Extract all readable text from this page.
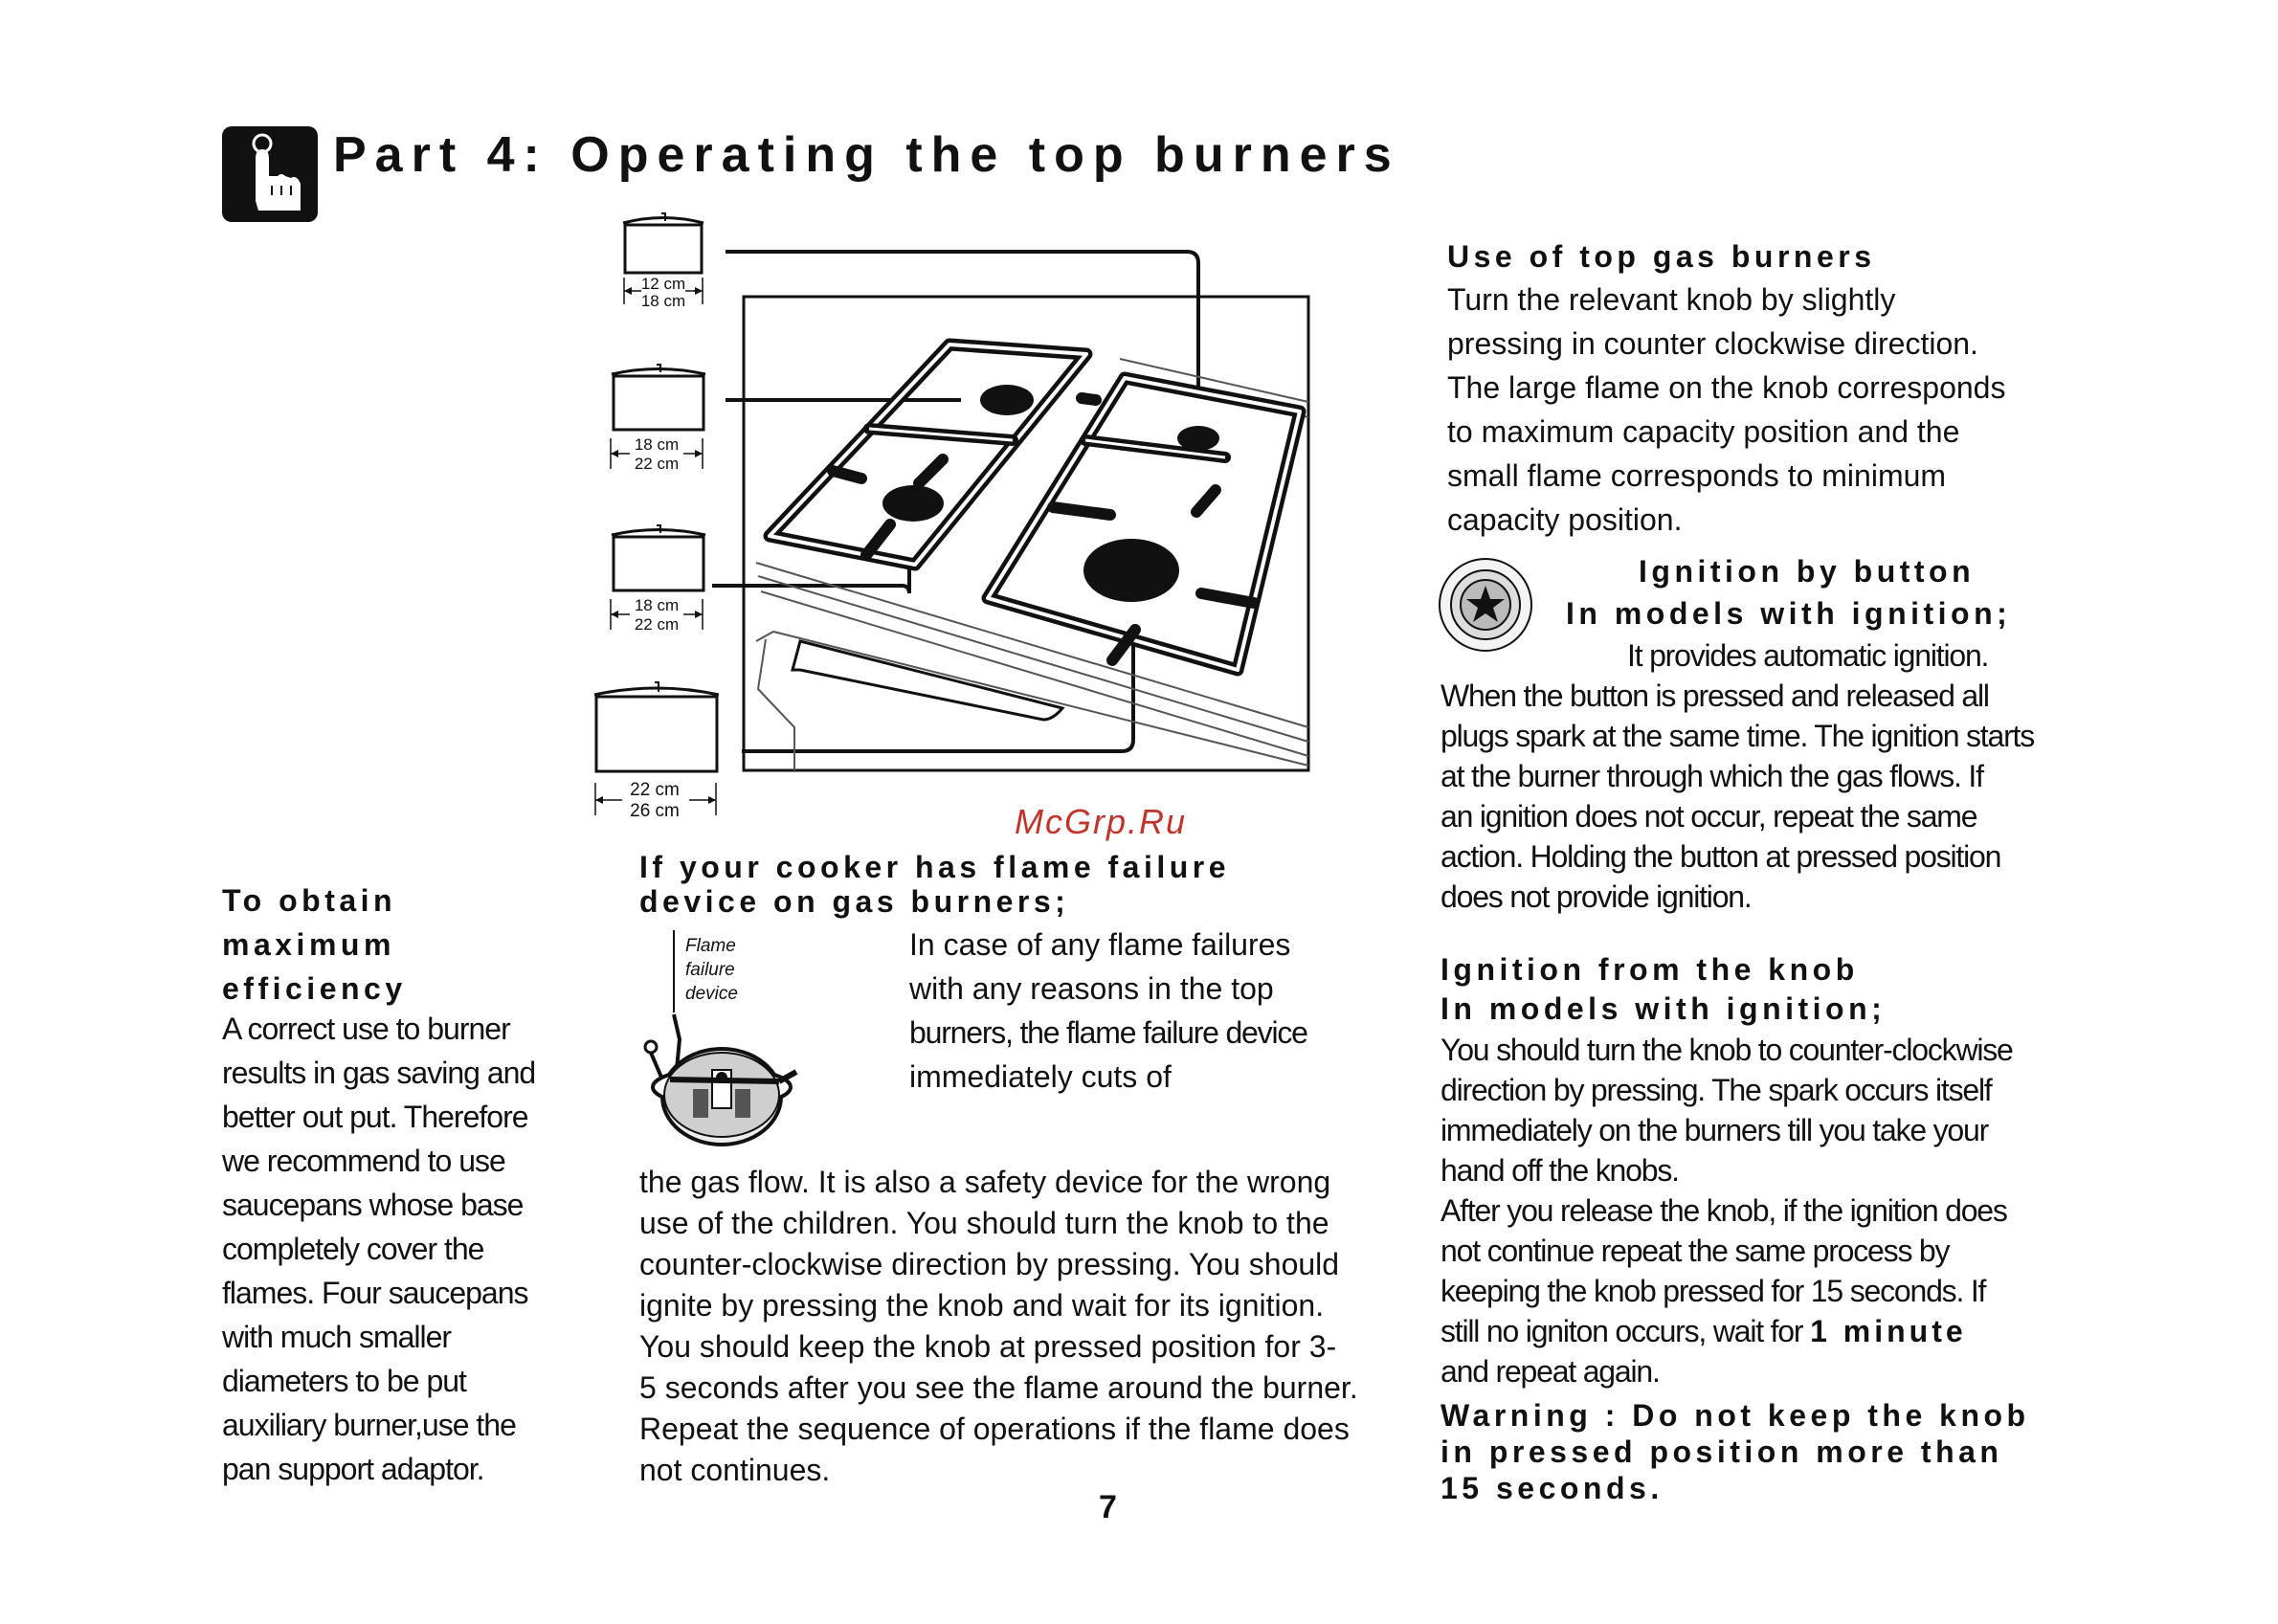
Part 4: Operating the top burners
12 cm
18 cm
18 cm
22 cm
18 cm
22 cm
22 cm
26 cm	McGrp.Ru
To obtain
maximum
efficiency
A correct use to burner
results in gas saving and
better out put. Therefore
we recommend to use
saucepans whose base
completely cover the
flames. Four saucepans
with much smaller
diameters to be put
auxiliary burner,use the
pan support adaptor.
If your cooker has flame failure
device on gas burners;
Flame
failure
device
In case of any flame failures
with any reasons in the top
burners, the flame failure device
immediately cuts of
the gas flow. It is also a safety device for the wrong
use of the children. You should turn the knob to the
counter-clockwise direction by pressing. You should
ignite by pressing the knob and wait for its ignition.
You should keep the knob at pressed position for 3-
5 seconds after you see the flame around the burner.
Repeat the sequence of operations if the flame does
not continues.
7
Use of top gas burners
Turn the relevant knob by slightly
pressing in counter clockwise direction.
The large flame on the knob corresponds
to maximum capacity position and the
small flame corresponds to minimum
capacity position.
Ignition by button
In models with ignition;
It provides automatic ignition.
When the button is pressed and released all
plugs spark at the same time. The ignition starts
at the burner through which the gas flows. If
an ignition does not occur, repeat the same
action. Holding the button at pressed position
does not provide ignition.
Ignition from the knob
In models with ignition;
You should turn the knob to counter-clockwise
direction by pressing. The spark occurs itself
immediately on the burners till you take your
hand off the knobs.
After you release the knob, if the ignition does
not continue repeat the same process by
keeping the knob pressed for 15 seconds. If
still no igniton occurs, wait for 1 minute
and repeat again.
Warning : Do not keep the knob
in pressed position more than
15 seconds.
